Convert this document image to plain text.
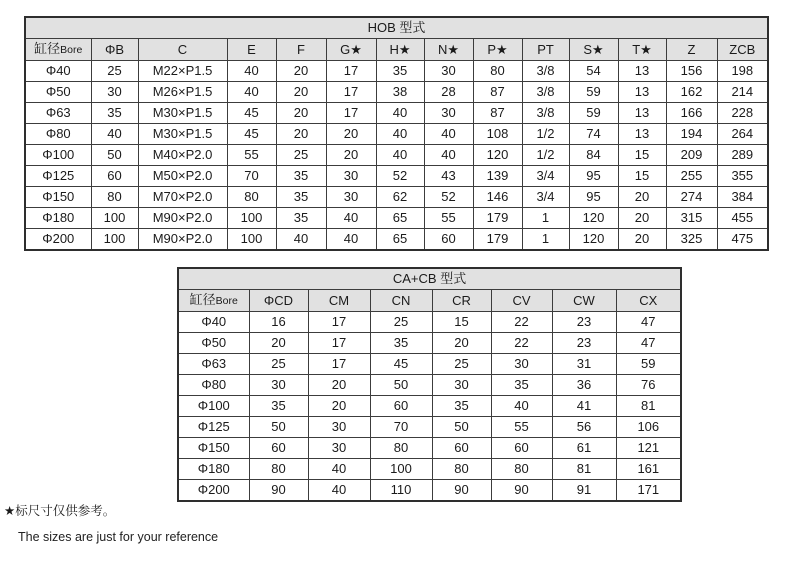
HOB 型式													
缸径Bore	ΦB	C	E	F	G★	H★	N★	P★	PT	S★	T★	Z	ZCB
Φ40	25	M22×P1.5	40	20	17	35	30	80	3/8	54	13	156	198
Φ50	30	M26×P1.5	40	20	17	38	28	87	3/8	59	13	162	214
Φ63	35	M30×P1.5	45	20	17	40	30	87	3/8	59	13	166	228
Φ80	40	M30×P1.5	45	20	20	40	40	108	1/2	74	13	194	264
Φ100	50	M40×P2.0	55	25	20	40	40	120	1/2	84	15	209	289
Φ125	60	M50×P2.0	70	35	30	52	43	139	3/4	95	15	255	355
Φ150	80	M70×P2.0	80	35	30	62	52	146	3/4	95	20	274	384
Φ180	100	M90×P2.0	100	35	40	65	55	179	1	120	20	315	455
Φ200	100	M90×P2.0	100	40	40	65	60	179	1	120	20	325	475
CA+CB 型式							
缸径Bore	ΦCD	CM	CN	CR	CV	CW	CX
Φ40	16	17	25	15	22	23	47
Φ50	20	17	35	20	22	23	47
Φ63	25	17	45	25	30	31	59
Φ80	30	20	50	30	35	36	76
Φ100	35	20	60	35	40	41	81
Φ125	50	30	70	50	55	56	106
Φ150	60	30	80	60	60	61	121
Φ180	80	40	100	80	80	81	161
Φ200	90	40	110	90	90	91	171
★标尺寸仅供参考。
The sizes are just for your reference
